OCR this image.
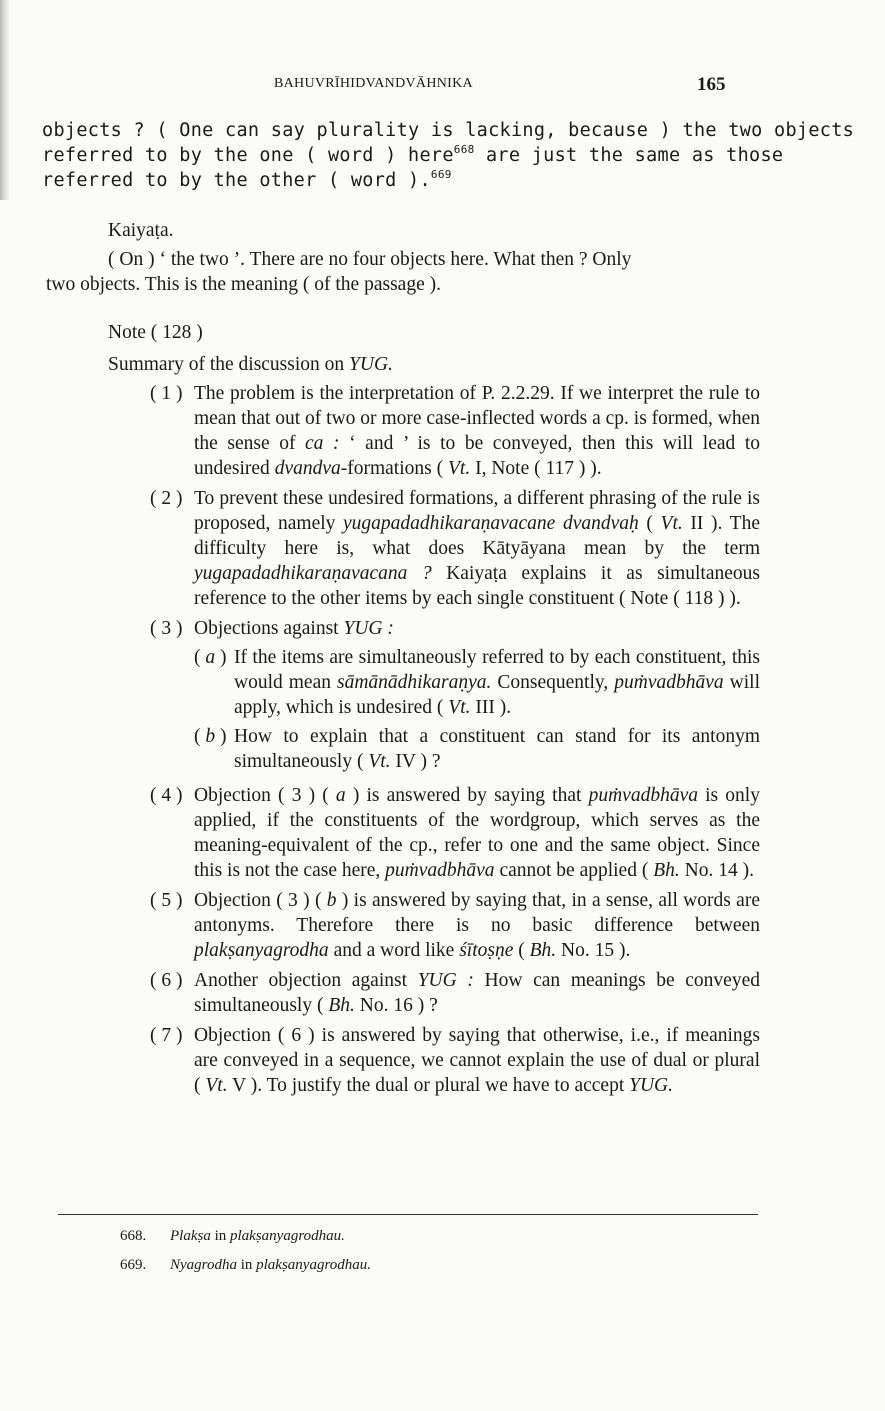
BAHUVRĪHIDVANDVĀHNIKA	165

objects ? ( One can say plurality is lacking, because ) the two objects

referred to by the one ( word ) here$^{668}$ are just the same as those

referred to by the other ( word ).$^{669}$

Kaiyaṭa.

( On ) ‘ the two ’. There are no four objects here. What then ? Only

two objects. This is the meaning ( of the passage ).

Note ( 128 )
Summary of the discussion on YUG.
( 1 ) The problem is the interpretation of P. 2.2.29. If we interpret the rule to mean that out of two or more case-inflected words a cp. is formed, when the sense of ca : ‘ and ’ is to be conveyed, then this will lead to undesired dvandva-formations ( Vt. I, Note ( 117 ) ).
( 2 ) To prevent these undesired formations, a different phrasing of the rule is proposed, namely yugapadadhikaraṇavacane dvandvaḥ ( Vt. II ). The difficulty here is, what does Kātyāyana mean by the term yugapadadhikaraṇavacana ? Kaiyaṭa explains it as simultaneous reference to the other items by each single constituent ( Note ( 118 ) ).
( 3 ) Objections against YUG :
( a ) If the items are simultaneously referred to by each constituent, this would mean sāmānādhikaraṇya. Consequently, puṁvadbhāva will apply, which is undesired ( Vt. III ).
( b ) How to explain that a constituent can stand for its antonym simultaneously ( Vt. IV ) ?
( 4 ) Objection ( 3 ) ( a ) is answered by saying that puṁvadbhāva is only applied, if the constituents of the wordgroup, which serves as the meaning-equivalent of the cp., refer to one and the same object. Since this is not the case here, puṁvadbhāva cannot be applied ( Bh. No. 14 ).
( 5 ) Objection ( 3 ) ( b ) is answered by saying that, in a sense, all words are antonyms. Therefore there is no basic difference between plakṣanyagrodha and a word like śītoṣṇe ( Bh. No. 15 ).
( 6 ) Another objection against YUG : How can meanings be conveyed simultaneously ( Bh. No. 16 ) ?
( 7 ) Objection ( 6 ) is answered by saying that otherwise, i.e., if meanings are conveyed in a sequence, we cannot explain the use of dual or plural ( Vt. V ). To justify the dual or plural we have to accept YUG.

668. Plakṣa in plakṣanyagrodhau.

669. Nyagrodha in plakṣanyagrodhau.
